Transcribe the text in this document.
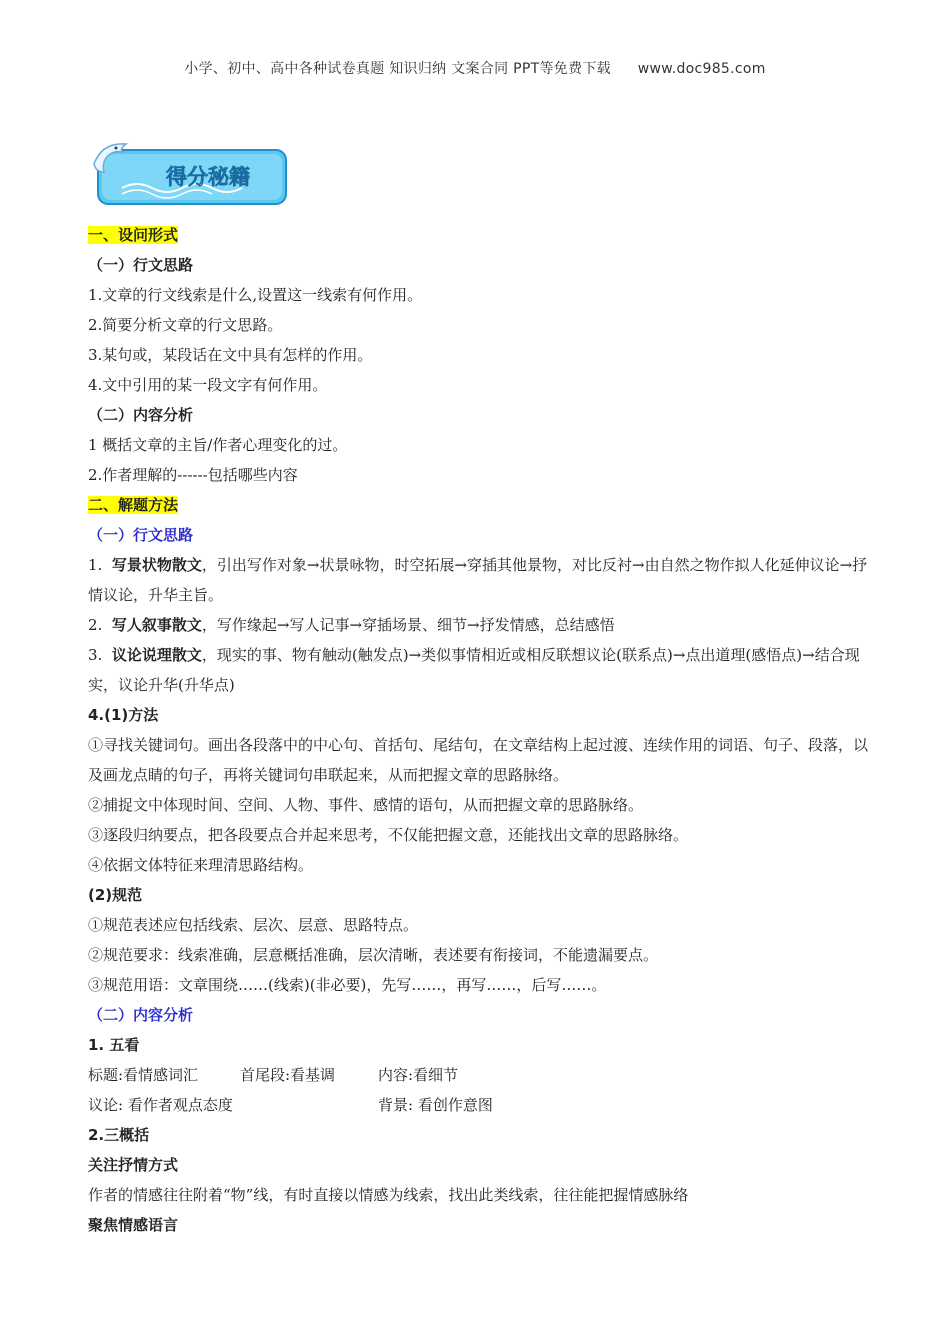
小学、初中、高中各种试卷真题 知识归纳 文案合同 PPT等免费下载 www.doc985.com
得分秘籍
一、设问形式
（一）行文思路
1.文章的行文线索是什么,设置这一线索有何作用。
2.简要分析文章的行文思路。
3.某句或，某段话在文中具有怎样的作用。
4.文中引用的某一段文字有何作用。
（二）内容分析
1 概括文章的主旨/作者心理变化的过。
2.作者理解的------包括哪些内容
二、解题方法
（一）行文思路
1. 写景状物散文，引出写作对象→状景咏物，时空拓展→穿插其他景物，对比反衬→由自然之物作拟人化延伸议论→抒情议论，升华主旨。
2. 写人叙事散文，写作缘起→写人记事→穿插场景、细节→抒发情感，总结感悟
3. 议论说理散文，现实的事、物有触动(触发点)→类似事情相近或相反联想议论(联系点)→点出道理(感悟点)→结合现实，议论升华(升华点)
4.(1)方法
①寻找关键词句。画出各段落中的中心句、首括句、尾结句，在文章结构上起过渡、连续作用的词语、句子、段落，以及画龙点睛的句子，再将关键词句串联起来，从而把握文章的思路脉络。
②捕捉文中体现时间、空间、人物、事件、感情的语句，从而把握文章的思路脉络。
③逐段归纳要点，把各段要点合并起来思考，不仅能把握文意，还能找出文章的思路脉络。
④依据文体特征来理清思路结构。
(2)规范
①规范表述应包括线索、层次、层意、思路特点。
②规范要求：线索准确，层意概括准确，层次清晰，表述要有衔接词，不能遗漏要点。
③规范用语：文章围绕……(线索)(非必要)，先写……，再写……，后写……。
（二）内容分析
1. 五看
标题:看情感词汇	首尾段:看基调	内容:看细节
议论: 看作者观点态度	背景: 看创作意图
2.三概括
关注抒情方式
作者的情感往往附着“物”线，有时直接以情感为线索，找出此类线索，往往能把握情感脉络
聚焦情感语言
